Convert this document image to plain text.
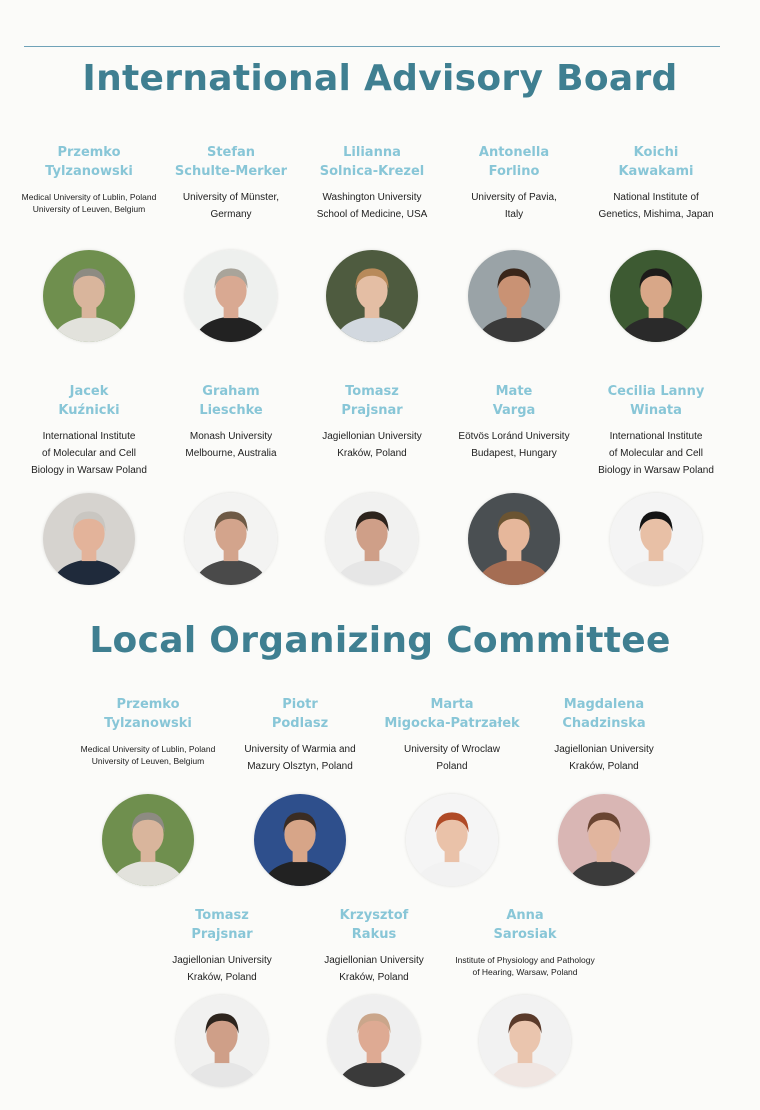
International Advisory Board
Local Organizing Committee
Przemko
Tylzanowski
Medical University of Lublin, Poland
University of Leuven, Belgium
Stefan
Schulte-Merker
University of Münster,
Germany
Lilianna
Solnica-Krezel
Washington University
School of Medicine, USA
Antonella
Forlino
University of Pavia,
Italy
Koichi
Kawakami
National Institute of
Genetics, Mishima, Japan
Jacek
Kuźnicki
International Institute
of Molecular and Cell
Biology in Warsaw Poland
Graham
Lieschke
Monash University
Melbourne, Australia
Tomasz
Prajsnar
Jagiellonian University
Kraków, Poland
Mate
Varga
Eötvös Loránd University
Budapest, Hungary
Cecilia Lanny
Winata
International Institute
of Molecular and Cell
Biology in Warsaw Poland
Przemko
Tylzanowski
Medical University of Lublin, Poland
University of Leuven, Belgium
Piotr
Podlasz
University of Warmia and
Mazury Olsztyn, Poland
Marta
Migocka-Patrzałek
University of Wroclaw
Poland
Magdalena
Chadzinska
Jagiellonian University
Kraków, Poland
Tomasz
Prajsnar
Jagiellonian University
Kraków, Poland
Krzysztof
Rakus
Jagiellonian University
Kraków, Poland
Anna
Sarosiak
Institute of Physiology and Pathology
of Hearing, Warsaw, Poland
